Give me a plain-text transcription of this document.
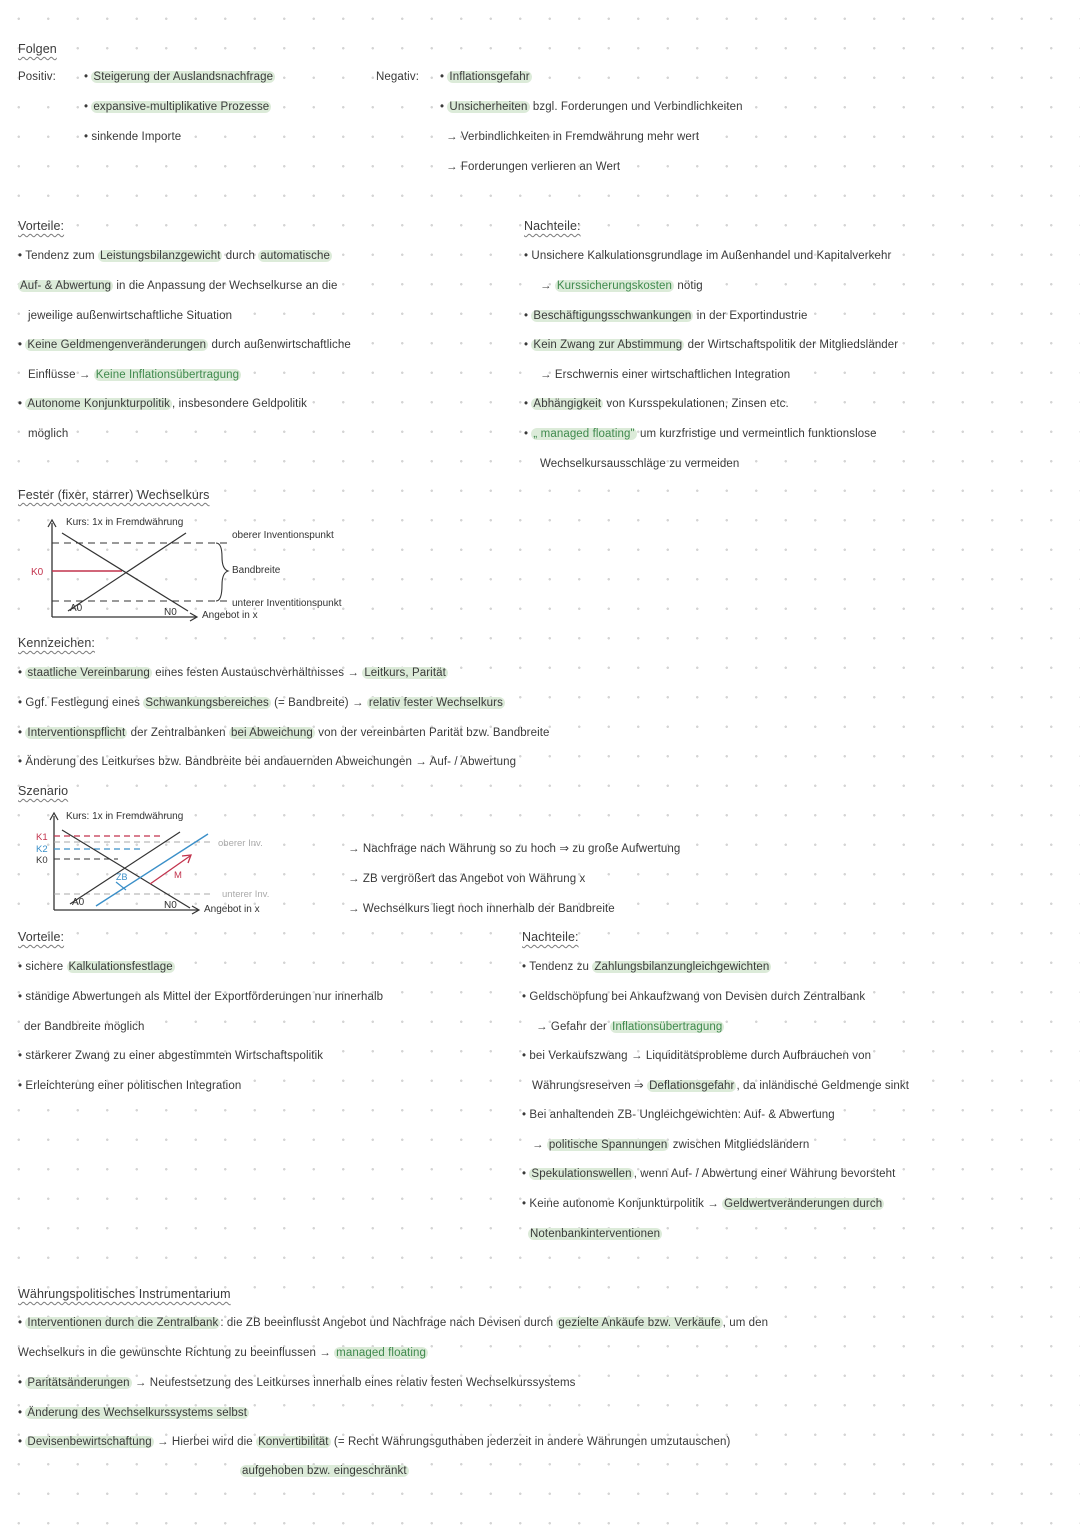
Folgen
Positiv: • Steigerung der Auslandsnachfrage
• expansive-multiplikative Prozesse
• sinkende Importe
Negativ: • Inflationsgefahr
• Unsicherheiten bzgl. Forderungen und Verbindlichkeiten
→ Verbindlichkeiten in Fremdwährung mehr wert
→ Forderungen verlieren an Wert
Vorteile:
• Tendenz zum Leistungsbilanzgewicht durch automatische
Auf- & Abwertung in die Anpassung der Wechselkurse an die
jeweilige außenwirtschaftliche Situation
• Keine Geldmengenveränderungen durch außenwirtschaftliche
Einflüsse → Keine Inflationsübertragung
• Autonome Konjunkturpolitik , insbesondere Geldpolitik
möglich
Nachteile:
• Unsichere Kalkulationsgrundlage im Außenhandel und Kapitalverkehr
→ Kurssicherungskosten nötig
• Beschäftigungsschwankungen in der Exportindustrie
• Kein Zwang zur Abstimmung der Wirtschaftspolitik der Mitgliedsländer
→ Erschwernis einer wirtschaftlichen Integration
• Abhängigkeit von Kursspekulationen, Zinsen etc.
• „ managed floating" um kurzfristige und vermeintlich funktionslose
Wechselkursausschläge zu vermeiden
Fester (fixer, starrer) Wechselkurs
Kurs: 1x in Fremdwährung
K0
oberer Inventionspunkt
Bandbreite
unterer Inventitionspunkt
A0	N0	Angebot in x
Kennzeichen:
• staatliche Vereinbarung eines festen Austauschverhältnisses → Leitkurs, Parität
• Ggf. Festlegung eines Schwankungsbereiches (= Bandbreite) → relativ fester Wechselkurs
• Interventionspflicht der Zentralbanken bei Abweichung von der vereinbarten Parität bzw. Bandbreite
• Änderung des Leitkurses bzw. Bandbreite bei andauernden Abweichungen → Auf- / Abwertung
Szenario
Kurs: 1x in Fremdwährung
K1
K2
K0
ZB	M
oberer Inv.
unterer Inv.
A0	N0	Angebot in x
→ Nachfrage nach Währung so zu hoch ⇒ zu große Aufwertung
→ ZB vergrößert das Angebot von Währung x
→ Wechselkurs liegt noch innerhalb der Bandbreite
Vorteile:
• sichere Kalkulationsfestlage
• ständige Abwertungen als Mittel der Exportförderungen nur innerhalb
der Bandbreite möglich
• stärkerer Zwang zu einer abgestimmten Wirtschaftspolitik
• Erleichterung einer politischen Integration
Nachteile:
• Tendenz zu Zahlungsbilanzungleichgewichten
• Geldschöpfung bei Ankaufzwang von Devisen durch Zentralbank
→ Gefahr der Inflationsübertragung
• bei Verkaufszwang → Liquiditätsprobleme durch Aufbrauchen von
Währungsreserven ⇒ Deflationsgefahr , da inländische Geldmenge sinkt
• Bei anhaltenden ZB- Ungleichgewichten: Auf- & Abwertung
→ politische Spannungen zwischen Mitgliedsländern
• Spekulationswellen , wenn Auf- / Abwertung einer Währung bevorsteht
• Keine autonome Konjunkturpolitik → Geldwertveränderungen durch
Notenbankinterventionen
Währungspolitisches Instrumentarium
• Interventionen durch die Zentralbank : die ZB beeinflusst Angebot und Nachfrage nach Devisen durch gezielte Ankäufe bzw. Verkäufe , um den
Wechselkurs in die gewünschte Richtung zu beeinflussen → managed floating
• Paritätsänderungen → Neufestsetzung des Leitkurses innerhalb eines relativ festen Wechselkurssystems
• Änderung des Wechselkurssystems selbst
• Devisenbewirtschaftung → Hierbei wird die Konvertibilität (= Recht Währungsguthaben jederzeit in andere Währungen umzutauschen)
aufgehoben bzw. eingeschränkt
